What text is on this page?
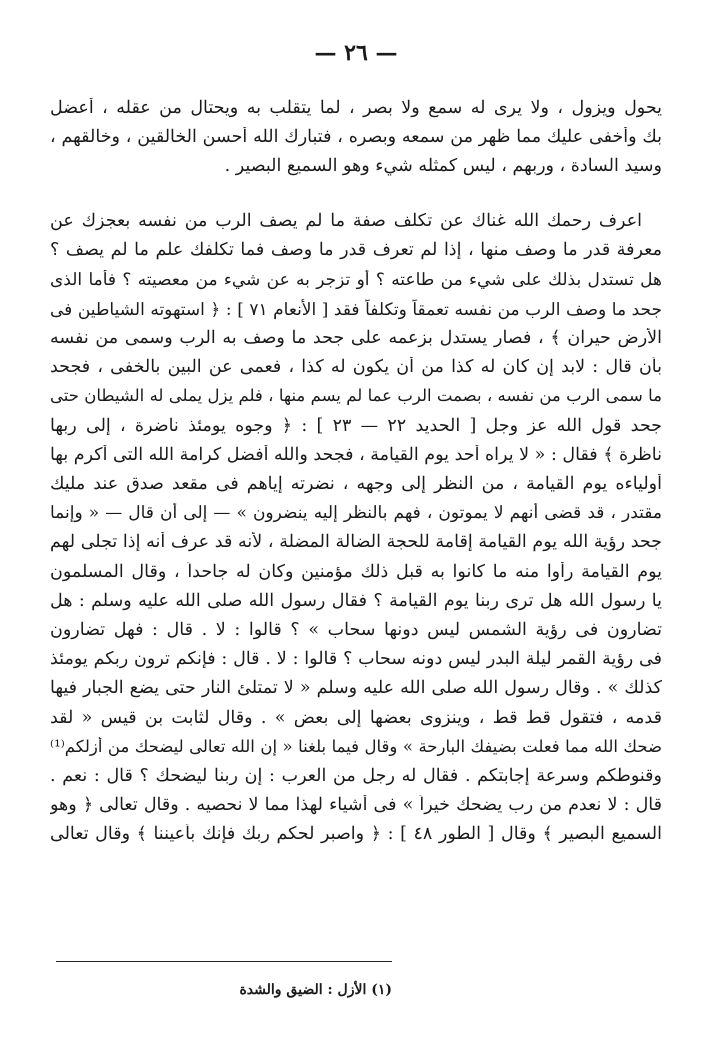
— ٢٦ —
يحول ويزول ، ولا يرى له سمع ولا بصر ، لما يتقلب به ويحتال من عقله ، أعضل
بك وأخفى عليك مما ظهر من سمعه وبصره ، فتبارك الله أحسن الخالقين ، وخالقهم ،
وسيد السادة ، وربهم ، ليس كمثله شيء وهو السميع البصير .
اعرف رحمك الله غناك عن تكلف صفة ما لم يصف الرب من نفسه بعجزك عن
معرفة قدر ما وصف منها ، إذا لم تعرف قدر ما وصف فما تكلفك علم ما لم يصف ؟
هل تستدل بذلك على شيء من طاعته ؟ أو تزجر به عن شيء من معصيته ؟ فأما الذى
جحد ما وصف الرب من نفسه تعمقاً وتكلفاً فقد [ الأنعام ٧١ ] : ﴿ استهوته الشياطين فى
الأرض حيران ﴾ ، فصار يستدل بزعمه على جحد ما وصف به الرب وسمى من نفسه
بأن قال : لابد إن كان له كذا من أن يكون له كذا ، فعمى عن البين بالخفى ، فجحد
ما سمى الرب من نفسه ، بصمت الرب عما لم يسم منها ، فلم يزل يملى له الشيطان حتى
جحد قول الله عز وجل [ الحديد ٢٢ — ٢٣ ] : ﴿ وجوه يومئذ ناضرة ، إلى ربها
ناظرة ﴾ فقال : « لا يراه أحد يوم القيامة ، فجحد والله أفضل كرامة الله التى أكرم بها
أولياءه يوم القيامة ، من النظر إلى وجهه ، نضرته إياهم فى مقعد صدق عند مليك
مقتدر ، قد قضى أنهم لا يموتون ، فهم بالنظر إليه ينضرون » — إلى أن قال — « وإنما
جحد رؤية الله يوم القيامة إقامة للحجة الضالة المضلة ، لأنه قد عرف أنه إذا تجلى لهم
يوم القيامة رأوا منه ما كانوا به قبل ذلك مؤمنين وكان له جاحداً ، وقال المسلمون
يا رسول الله هل ترى ربنا يوم القيامة ؟ فقال رسول الله صلى الله عليه وسلم : هل
تضارون فى رؤية الشمس ليس دونها سحاب » ؟ قالوا : لا . قال : فهل تضارون
فى رؤية القمر ليلة البدر ليس دونه سحاب ؟ قالوا : لا . قال : فإنكم ترون ربكم يومئذ
كذلك » . وقال رسول الله صلى الله عليه وسلم « لا تمتلئ النار حتى يضع الجبار فيها
قدمه ، فتقول قط قط ، وينزوى بعضها إلى بعض » . وقال لثابت بن قيس « لقد
ضحك الله مما فعلت بضيفك البارحة » وقال فيما بلغنا « إن الله تعالى ليضحك من أزلكم⁽¹⁾
وقنوطكم وسرعة إجابتكم . فقال له رجل من العرب : إن ربنا ليضحك ؟ قال : نعم .
قال : لا نعدم من رب يضحك خيراً » فى أشياء لهذا مما لا نحصيه . وقال تعالى ﴿ وهو
السميع البصير ﴾ وقال [ الطور ٤٨ ] : ﴿ واصبر لحكم ربك فإنك بأعيننا ﴾ وقال تعالى
(١) الأزل : الضيق والشدة
